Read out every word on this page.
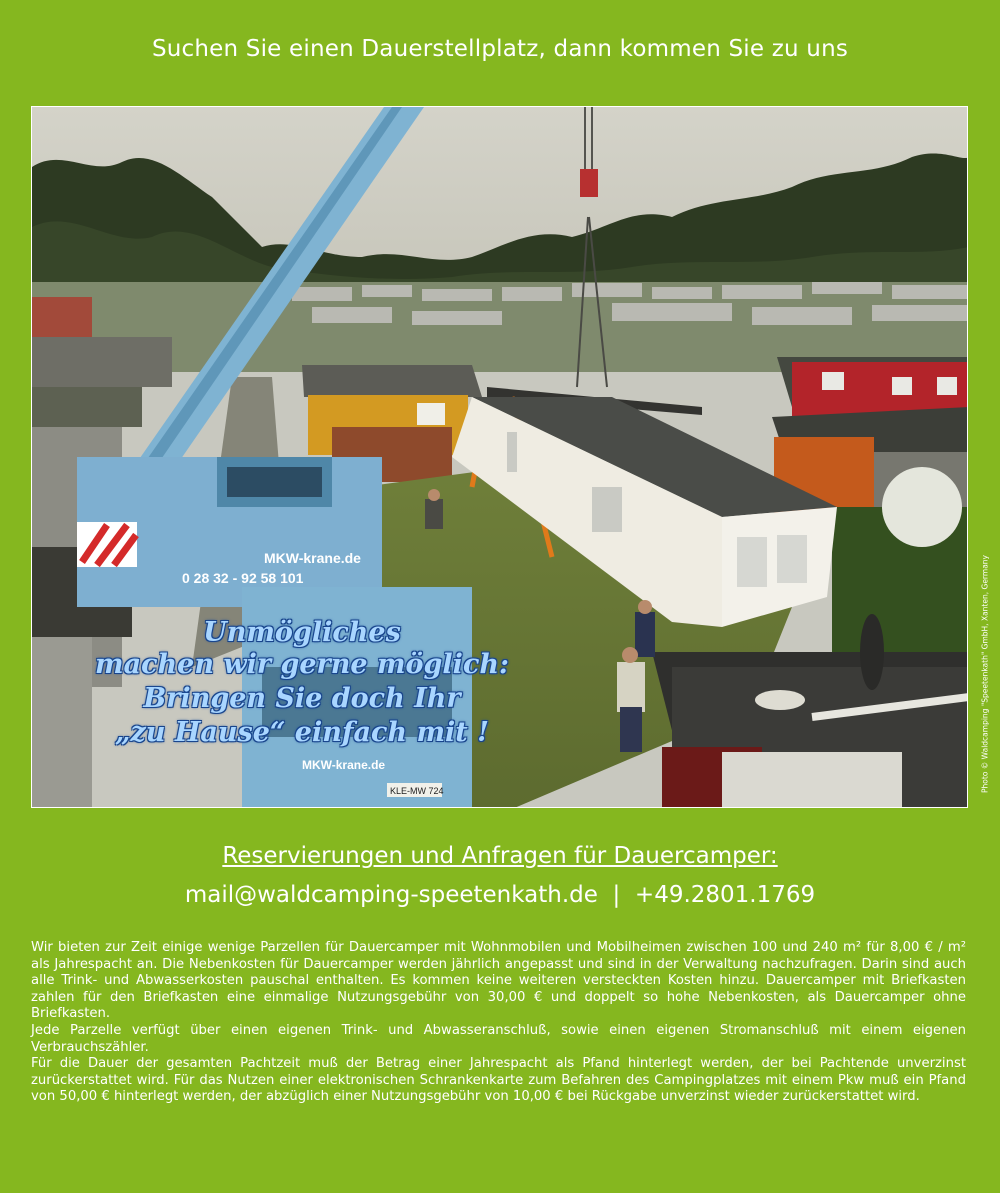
Suchen Sie einen Dauerstellplatz, dann kommen Sie zu uns
MKW-krane.de
0 28 32 - 92 58 101
MKW-krane.de
KLE-MW 724
Unmögliches
machen wir gerne möglich:
Bringen Sie doch Ihr
„zu Hause“ einfach mit !	Photo © Waldcamping "Speetenkath" GmbH, Xanten, Germany
Reservierungen und Anfragen für Dauercamper:
mail@waldcamping-speetenkath.de  |  +49.2801.1769

Wir bieten zur Zeit einige wenige Parzellen für Dauercamper mit Wohnmobilen und Mobilheimen zwischen 100 und 240 m² für 8,00 € / m² als Jahrespacht an. Die Nebenkosten für Dauercamper werden jährlich angepasst und sind in der Verwaltung nachzufragen. Darin sind auch alle Trink- und Abwasserkosten pauschal enthalten. Es kommen keine weiteren versteckten Kosten hinzu. Dauercamper mit Briefkasten zahlen für den Briefkasten eine einmalige Nutzungsgebühr von 30,00 € und doppelt so hohe Nebenkosten, als Dauercamper ohne Briefkasten.

Jede Parzelle verfügt über einen eigenen Trink- und Abwasseranschluß, sowie einen eigenen Stromanschluß mit einem eigenen Verbrauchszähler.

Für die Dauer der gesamten Pachtzeit muß der Betrag einer Jahrespacht als Pfand hinterlegt werden, der bei Pachtende unverzinst zurückerstattet wird. Für das Nutzen einer elektronischen Schrankenkarte zum Befahren des Campingplatzes mit einem Pkw muß ein Pfand von 50,00 € hinterlegt werden, der abzüglich einer Nutzungsgebühr von 10,00 € bei Rückgabe unverzinst wieder zurückerstattet wird.
